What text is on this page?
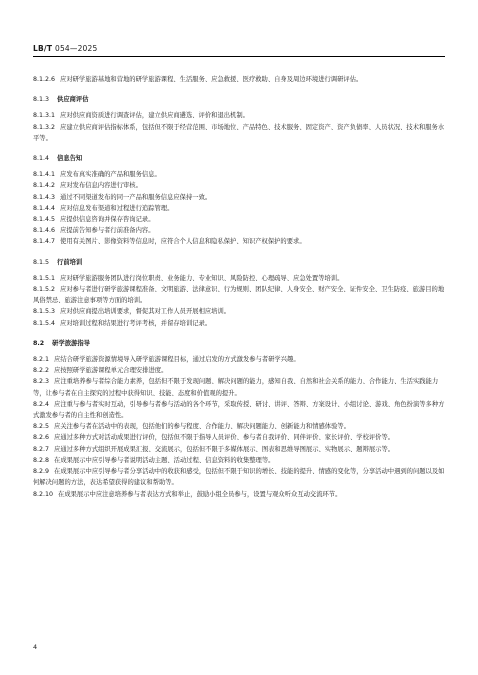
LB/T 054—2025
8.1.2.6 应对研学旅游基地和营地的研学旅游课程、生活服务、应急救援、医疗救助、自身及周边环境进行调研评估。
8.1.3 供应商评估
8.1.3.1 应对供应商资质进行调查评估，建立供应商遴选、评价和退出机制。
8.1.3.2 应建立供应商评估指标体系，包括但不限于经营范围、市场地位、产品特色、技术服务、固定资产、资产负债率、人员状况、技术和服务水平等。
8.1.4 信息告知
8.1.4.1 应发布真实准确的产品和服务信息。
8.1.4.2 应对发布信息内容进行审核。
8.1.4.3 通过不同渠道发布的同一产品和服务信息应保持一致。
8.1.4.4 应对信息发布渠道和过程进行追踪管理。
8.1.4.5 应提供信息咨询并保存咨询记录。
8.1.4.6 应提前告知参与者行前准备内容。
8.1.4.7 使用有关图片、影像资料等信息时，应符合个人信息和隐私保护、知识产权保护的要求。
8.1.5 行前培训
8.1.5.1 应对研学旅游服务团队进行岗位职责、业务能力、专业知识、风险防控、心理疏导、应急处置等培训。
8.1.5.2 应对参与者进行研学旅游课程准备、文明旅游、法律意识、行为规则、团队纪律、人身安全、财产安全、证件安全、卫生防疫、旅游目的地风俗禁忌、旅游注意事项等方面的培训。
8.1.5.3 应对供应商提出培训要求，督促其对工作人员开展相应培训。
8.1.5.4 应对培训过程和结果进行考评考核，并留存培训记录。
8.2 研学旅游指导
8.2.1 应结合研学旅游资源情境导入研学旅游课程目标，通过启发的方式激发参与者研学兴趣。
8.2.2 应按照研学旅游课程单元合理安排进度。
8.2.3 应注重培养参与者综合能力素养，包括但不限于发现问题、解决问题的能力，感知自我、自然和社会关系的能力、合作能力、生活实践能力等，让参与者在自主探究的过程中获得知识、技能、态度和价值观的提升。
8.2.4 应注重与参与者实时互动，引导参与者参与活动的各个环节，采取传授、研讨、讲评、答辩、方案设计、小组讨论、游戏、角色扮演等多种方式激发参与者的自主性和创造性。
8.2.5 应关注参与者在活动中的表现，包括他们的参与程度、合作能力、解决问题能力、创新能力和情感体验等。
8.2.6 应通过多种方式对活动成果进行评价，包括但不限于指导人员评价、参与者自我评价、同伴评价、家长评价、学校评价等。
8.2.7 应通过多种方式组织开展成果汇报、交流展示，包括但不限于多媒体展示、图表和思维导图展示、实物展示、题辩展示等。
8.2.8 在成果展示中应引导参与者说明活动主题、活动过程、信息资料的收集整理等。
8.2.9 在成果展示中应引导参与者分享活动中的收获和感受，包括但不限于知识的增长、技能的提升、情感的变化等，分享活动中遇到的问题以及如何解决问题的方法，表达希望获得的建议和帮助等。
8.2.10 在成果展示中应注意培养参与者表达方式和举止，鼓励小组全员参与，设置与观众听众互动交流环节。
4
